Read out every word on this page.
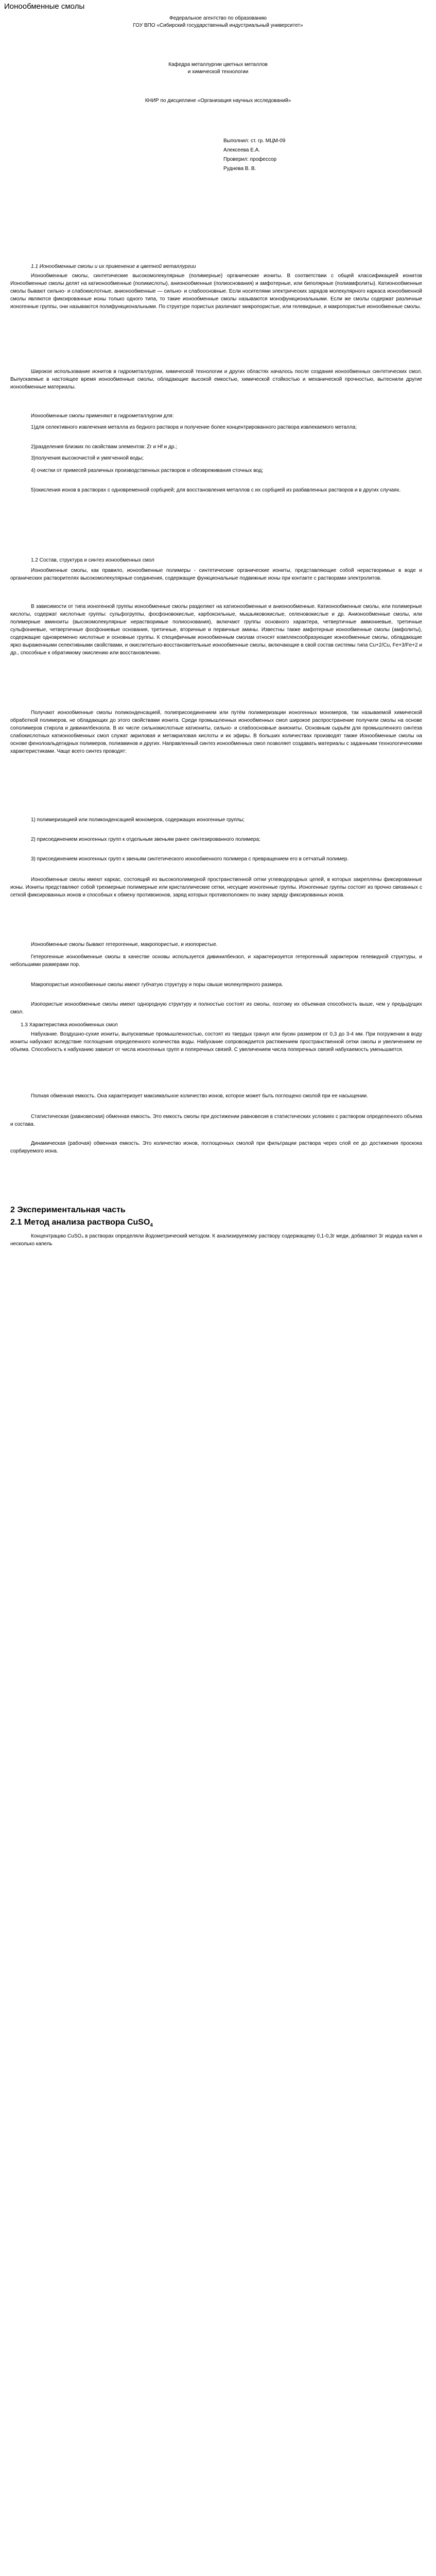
Ионообменные смолы
Федеральное агентство по образованию
ГОУ ВПО «Сибирский государственный индустриальный университет»
Кафедра металлургии цветных металлов
и химической технологии
КНИР по дисциплине «Организация научных исследований»
Выполнил: ст. гр. МЦМ-09
Алексеева Е.А.
Проверил: профессор
Руднева В. В.
1.1 Ионообменные смолы и их применение в цветной металлургии
Ионообменные смолы, синтетические высокомолекулярные (полимерные) органические иониты. В соответствии с общей классификацией ионитов Ионообменные смолы делят на катионообменные (поликислоты), анионообменные (полиоснования) и амфотерные, или биполярные (полиамфолиты). Катионообменные смолы бывают сильно- и слабокислотные, анионообменные — сильно- и слабоосновные. Если носителями электрических зарядов молекулярного каркаса ионообменной смолы являются фиксированные ионы только одного типа, то такие ионообменные смолы называются монофункциональными. Если же смолы содержат различные ионогенные группы, они называются полифункциональными. По структуре пористых различают микропористые, или гелевидные, и макропористые ионообменные смолы.
Широкое использование ионитов в гидрометаллургии, химической технологии и других областях началось после создания ионообменных синтетических смол. Выпускаемые в настоящее время ионообменные смолы, обладающие высокой емкостью, химической стойкостью и механической прочностью, вытеснили другие ионообменные материалы.
Ионообменные смолы применяют в гидрометаллургии для:
1)для селективного извлечения металла из бедного раствора и получение более концентрированного раствора извлекаемого металла;
2)разделения близких по свойствам элементов: Zr и Hf и др.;
3)получения высокочистой и умягченной воды;
4) очистки от примесей различных производственных растворов и обезвреживания сточных вод;
5)окисления ионов в растворах с одновременной сорбцией; для восстановления металлов с их сорбцией из разбавленных растворов и в других случаях.
1.2 Состав, структура и синтез ионообменных смол
Ионообменные смолы, как правило, ионообменные полимеры - синтетические органические иониты, представляющие собой нерастворимые в воде и органических растворителях высокомолекулярные соединения, содержащие функциональные подвижные ионы при контакте с растворами электролитов.
В зависимости от типа ионогенной группы ионообменные смолы разделяют на катионообменные и анионообменные. Катионообменные смолы, или полимерные кислоты, содержат кислотные группы: сульфогруппы, фосфоновокислые, карбоксильные, мышьяковокислые, селеновокислые и др. Анионообменные смолы, или полимерные аминоиты (высокомолекулярные нерастворимые полиоснования), включают группы основного характера, четвертичные аммониевые, третичные сульфониевые, четвертичные фосфониевые основания, третичные, вторичные и первичные амины. Известны также амфотерные ионообменные смолы (амфолиты), содержащие одновременно кислотные и основные группы. К специфичным ионообменным смолам относят комплексообразующие ионообменные смолы, обладающие ярко выраженными селективными свойствами, и окислительно-восстановительные ионообменные смолы, включающие в свой состав системы типа Cu+2/Cu, Fe+3/Fe+2 и др., способные к обратимому окислению или восстановлению.
Получают ионообменные смолы поликонденсацией, полиприсоединением или путём полимеризации ионогенных мономеров, так называемой химической обработкой полимеров, не обладающих до этого свойствами ионита. Среди промышленных ионообменных смол широкое распространение получили смолы на основе сополимеров стирола и дивинилбензола. В их числе сильнокислотные катиониты, сильно- и слабоосновные аниониты. Основным сырьём для промышленного синтеза слабокислотных катионообменных смол служат акриловая и метакриловая кислоты и их эфиры. В больших количествах производят также Ионообменные смолы на основе фенолоальдегидных полимеров, полиаминов и других. Направленный синтез ионообменных смол позволяет создавать материалы с заданными технологическими характеристиками. Чаще всего синтез проводят:
1) полимеризацией или поликонденсацией мономеров, содержащих ионогенные группы;
2) присоединением ионогенных групп к отдельным звеньям ранее синтезированного полимера;
3) присоединением ионогенных групп к звеньям синтетического ионообменного полимера с превращением его в сетчатый полимер.
Ионообменные смолы имеют каркас, состоящий из высокополимерной пространственной сетки углеводородных цепей, в которых закреплены фиксированные ионы. Иониты представляют собой трехмерные полимерные или кристаллические сетки, несущие ионогенные группы. Ионогенные группы состоят из прочно связанных с сеткой фиксированных ионов и способных к обмену противоионов, заряд которых противоположен по знаку заряду фиксированных ионов.
Ионообменные смолы бывают гетерогенные, макропористые, и изопористые.
Гетерогенные ионообменные смолы в качестве основы используется дивинилбензол, и характеризуется гетерогенный характером гелевидной структуры, и небольшими размерами пор.
Макропористые ионообменные смолы имеют губчатую структуру и поры свыше молекулярного размера.
Изопористые ионообменные смолы имеют однородную структуру и полностью состоят из смолы, поэтому их объемная способность выше, чем у предыдущих смол.
1.3 Характеристика ионообменных смол
Набухание. Воздушно-сухие иониты, выпускаемые промышленностью, состоят из твердых гранул или бусин размером от 0,3 до 3-4 мм. При погружении в воду иониты набухают вследствие поглощения определенного количества воды. Набухание сопровождается растяжением пространственной сетки смолы и увеличением ее объема. Способность к набуханию зависит от числа ионогенных групп и поперечных связей. С увеличением числа поперечных связей набухаемость уменьшается.
Полная обменная емкость. Она характеризует максимальное количество ионов, которое может быть поглощено смолой при ее насыщении.
Статистическая (равновесная) обменная емкость. Это емкость смолы при достижении равновесия в статистических условиях с раствором определенного объема и состава.
Динамическая (рабочая) обменная емкость. Это количество ионов, поглощенных смолой при фильтрации раствора через слой ее до достижения проскока сорбируемого иона.
2 Экспериментальная часть
2.1 Метод анализа раствора CuSO$_4$
Концентрацию CuSO₄ в растворах определяли йодометрический методом. К анализируемому раствору содержащему 0,1-0,3г меди, добавляют 3г иодида калия и несколько капель
